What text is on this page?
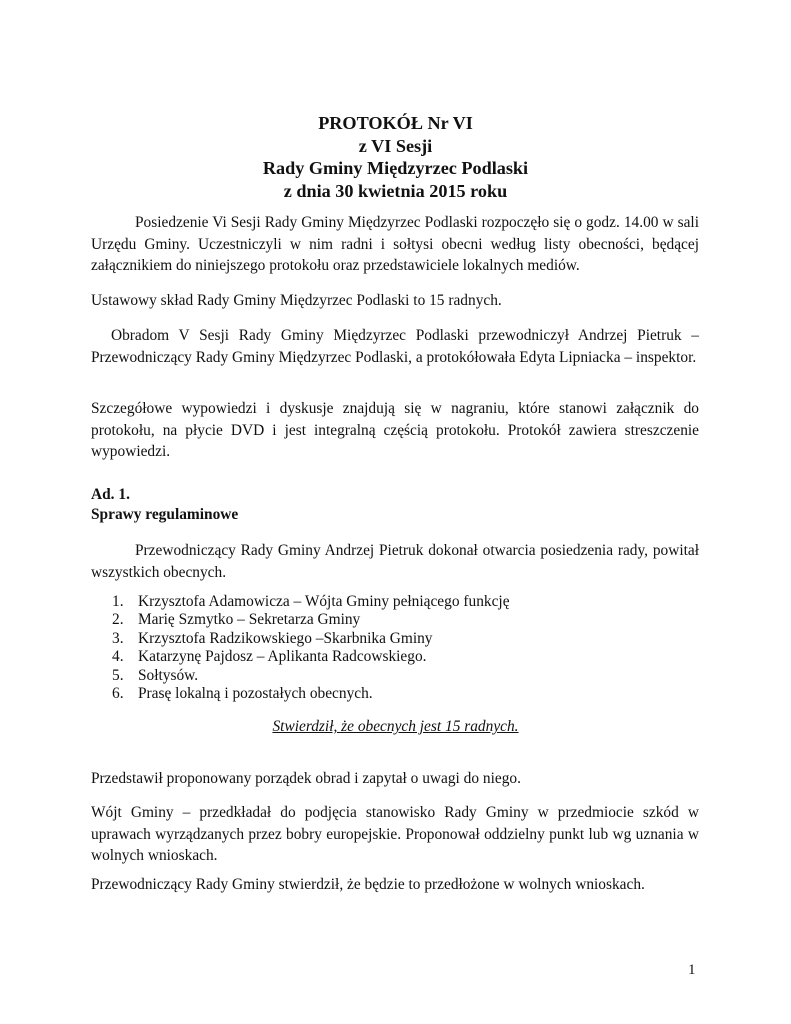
PROTOKÓŁ Nr VI
z VI Sesji
Rady Gminy Międzyrzec Podlaski
z dnia 30 kwietnia 2015 roku

Posiedzenie Vi Sesji Rady Gminy Międzyrzec Podlaski rozpoczęło się o godz. 14.00 w sali Urzędu Gminy. Uczestniczyli w nim radni i sołtysi obecni według listy obecności, będącej załącznikiem do niniejszego protokołu oraz przedstawiciele lokalnych mediów.

Ustawowy skład Rady Gminy Międzyrzec Podlaski to 15 radnych.

Obradom V Sesji Rady Gminy Międzyrzec Podlaski przewodniczył Andrzej Pietruk – Przewodniczący Rady Gminy Międzyrzec Podlaski, a protokółowała Edyta Lipniacka – inspektor.

Szczegółowe wypowiedzi i dyskusje znajdują się w nagraniu, które stanowi załącznik do protokołu, na płycie DVD i jest integralną częścią protokołu. Protokół zawiera streszczenie wypowiedzi.

Ad. 1.
Sprawy regulaminowe

Przewodniczący Rady Gminy Andrzej Pietruk dokonał otwarcia posiedzenia rady, powitał wszystkich obecnych.

1. Krzysztofa Adamowicza – Wójta Gminy pełniącego funkcję
2. Marię Szmytko – Sekretarza Gminy
3. Krzysztofa Radzikowskiego –Skarbnika Gminy
4. Katarzynę Pajdosz – Aplikanta Radcowskiego.
5. Sołtysów.
6. Prasę lokalną i pozostałych obecnych.
Stwierdził, że obecnych jest 15 radnych.

Przedstawił proponowany porządek obrad i zapytał o uwagi do niego.

Wójt Gminy – przedkładał do podjęcia stanowisko Rady Gminy w przedmiocie szkód w uprawach wyrządzanych przez bobry europejskie. Proponował oddzielny punkt lub wg uznania w wolnych wnioskach.

Przewodniczący Rady Gminy stwierdził, że będzie to przedłożone w wolnych wnioskach.

1
